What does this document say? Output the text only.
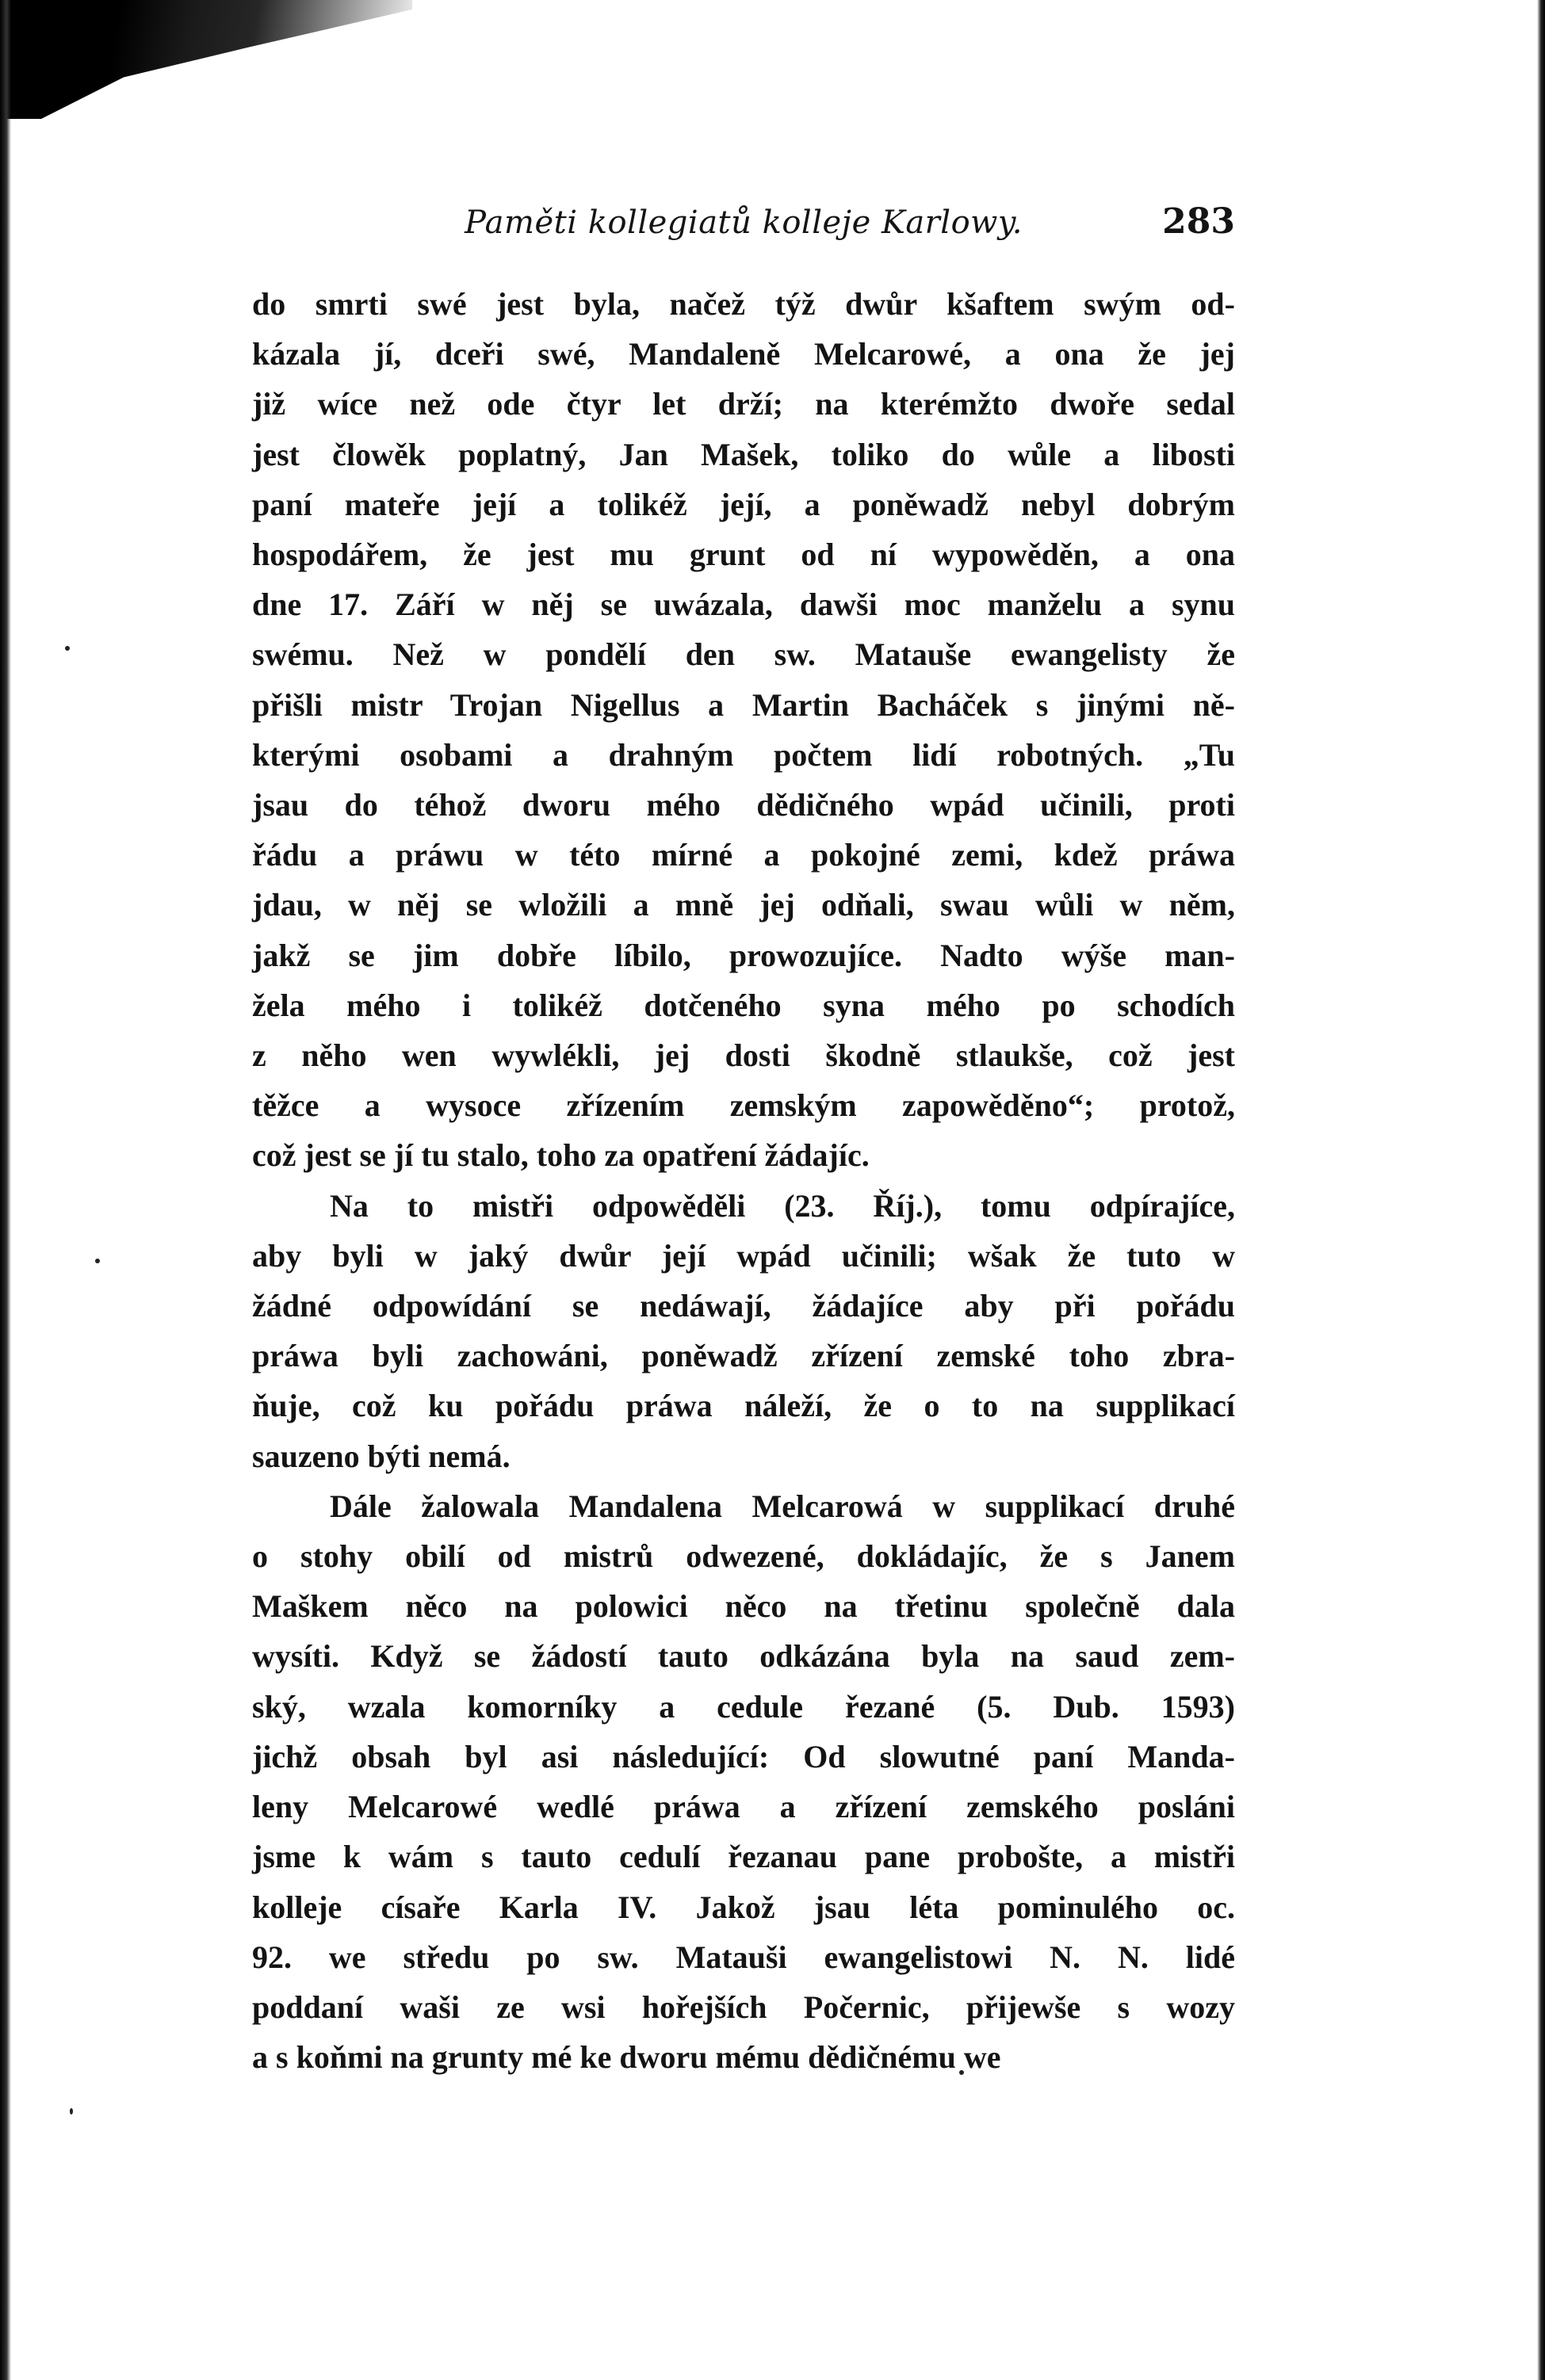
Paměti kollegiatů kolleje Karlowy.	283
do smrti swé jest byla, načež týž dwůr kšaftem swým od-
kázala jí, dceři swé, Mandaleně Melcarowé, a ona že jej
již wíce než ode čtyr let drží; na kterémžto dwoře sedal
jest člowěk poplatný, Jan Mašek, toliko do wůle a libosti
paní mateře její a tolikéž její, a poněwadž nebyl dobrým
hospodářem, že jest mu grunt od ní wypowěděn, a ona
dne 17. Září w něj se uwázala, dawši moc manželu a synu
swému. Než w pondělí den sw. Matauše ewangelisty že
přišli mistr Trojan Nigellus a Martin Bacháček s jinými ně-
kterými osobami a drahným počtem lidí robotných. „Tu
jsau do téhož dworu mého dědičného wpád učinili, proti
řádu a práwu w této mírné a pokojné zemi, kdež práwa
jdau, w něj se wložili a mně jej odňali, swau wůli w něm,
jakž se jim dobře líbilo, prowozujíce. Nadto wýše man-
žela mého i tolikéž dotčeného syna mého po schodích
z něho wen wywlékli, jej dosti škodně stlaukše, což jest
těžce a wysoce zřízením zemským zapowěděno“; protož,
což jest se jí tu stalo, toho za opatření žádajíc.
Na to mistři odpowěděli (23. Říj.), tomu odpírajíce,
aby byli w jaký dwůr její wpád učinili; wšak že tuto w
žádné odpowídání se nedáwají, žádajíce aby při pořádu
práwa byli zachowáni, poněwadž zřízení zemské toho zbra-
ňuje, což ku pořádu práwa náleží, že o to na supplikací
sauzeno býti nemá.
Dále žalowala Mandalena Melcarowá w supplikací druhé
o stohy obilí od mistrů odwezené, dokládajíc, že s Janem
Maškem něco na polowici něco na třetinu společně dala
wysíti. Když se žádostí tauto odkázána byla na saud zem-
ský, wzala komorníky a cedule řezané (5. Dub. 1593)
jichž obsah byl asi následující: Od slowutné paní Manda-
leny Melcarowé wedlé práwa a zřízení zemského posláni
jsme k wám s tauto cedulí řezanau pane probošte, a mistři
kolleje císaře Karla IV. Jakož jsau léta pominulého oc.
92. we středu po sw. Matauši ewangelistowi N. N. lidé
poddaní waši ze wsi hořejších Počernic, přijewše s wozy
a s koňmi na grunty mé ke dworu mému dědičnému we
